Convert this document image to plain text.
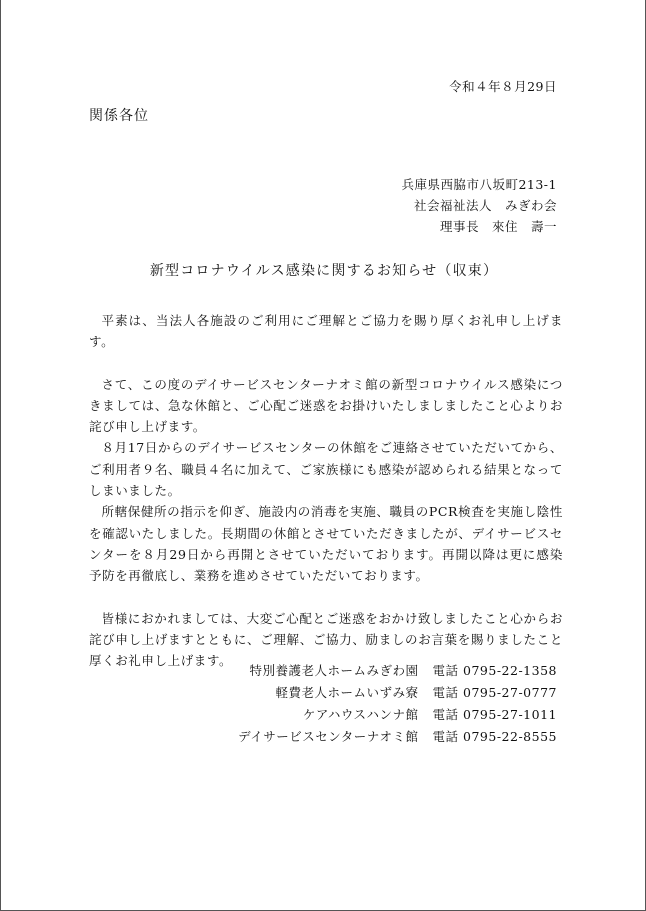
令和４年８月29日
関係各位
兵庫県西脇市八坂町213-1
社会福祉法人　みぎわ会
理事長　來住　壽一
新型コロナウイルス感染に関するお知らせ（収束）

平素は、当法人各施設のご利用にご理解とご協力を賜り厚くお礼申し上げます。

さて、この度のデイサービスセンターナオミ館の新型コロナウイルス感染につきましては、急な休館と、ご心配ご迷惑をお掛けいたしましましたこと心よりお詫び申し上げます。

８月17日からのデイサービスセンターの休館をご連絡させていただいてから、ご利用者９名、職員４名に加えて、ご家族様にも感染が認められる結果となってしまいました。

所轄保健所の指示を仰ぎ、施設内の消毒を実施、職員のPCR検査を実施し陰性を確認いたしました。長期間の休館とさせていただきましたが、デイサービスセンターを８月29日から再開とさせていただいております。再開以降は更に感染予防を再徹底し、業務を進めさせていただいております。

皆様におかれましては、大変ご心配とご迷惑をおかけ致しましたこと心からお詫び申し上げますとともに、ご理解、ご協力、励ましのお言葉を賜りましたこと厚くお礼申し上げます。

特別養護老人ホームみぎわ園 電話 0795-22-1358
軽費老人ホームいずみ寮 電話 0795-27-0777
ケアハウスハンナ館 電話 0795-27-1011
デイサービスセンターナオミ館 電話 0795-22-8555
